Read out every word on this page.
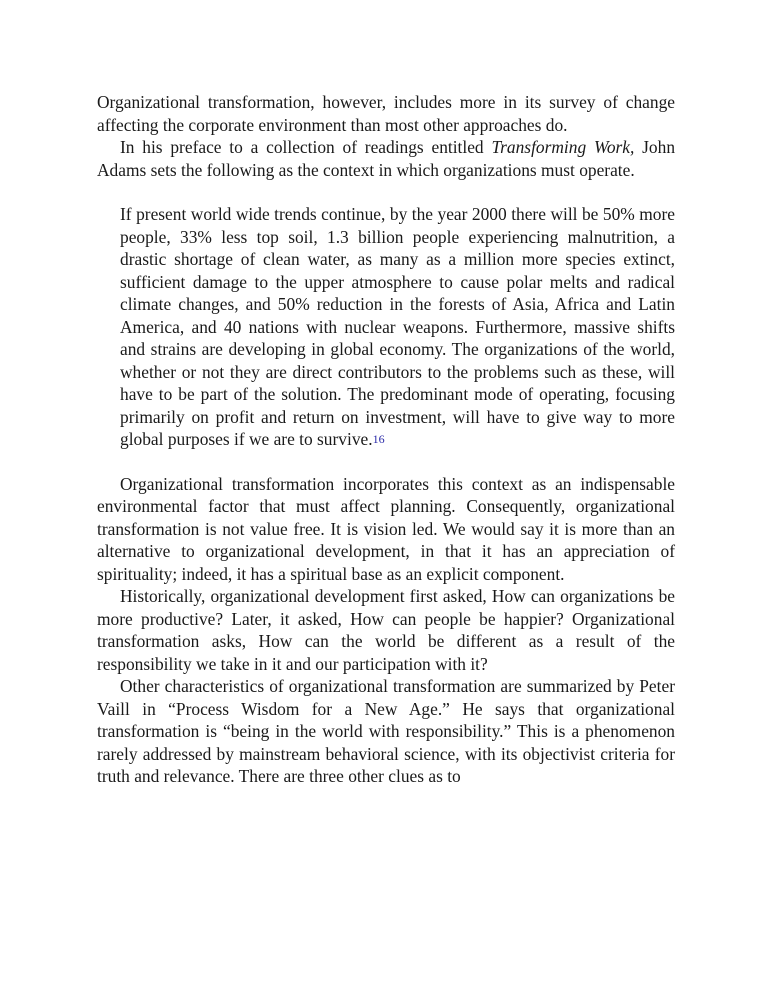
Organizational transformation, however, includes more in its survey of change affecting the corporate environment than most other approaches do.

In his preface to a collection of readings entitled Transforming Work, John Adams sets the following as the context in which organizations must operate.

If present world wide trends continue, by the year 2000 there will be 50% more people, 33% less top soil, 1.3 billion people experiencing malnutrition, a drastic shortage of clean water, as many as a million more species extinct, sufficient damage to the upper atmosphere to cause polar melts and radical climate changes, and 50% reduction in the forests of Asia, Africa and Latin America, and 40 nations with nuclear weapons. Furthermore, massive shifts and strains are developing in global economy. The organizations of the world, whether or not they are direct contributors to the problems such as these, will have to be part of the solution. The predominant mode of operating, focusing primarily on profit and return on investment, will have to give way to more global purposes if we are to survive.16

Organizational transformation incorporates this context as an indispensable environmental factor that must affect planning. Consequently, organizational transformation is not value free. It is vision led. We would say it is more than an alternative to organizational development, in that it has an appreciation of spirituality; indeed, it has a spiritual base as an explicit component.

Historically, organizational development first asked, How can organizations be more productive? Later, it asked, How can people be happier? Organizational transformation asks, How can the world be different as a result of the responsibility we take in it and our participation with it?

Other characteristics of organizational transformation are summarized by Peter Vaill in “Process Wisdom for a New Age.” He says that organizational transformation is “being in the world with responsibility.” This is a phenomenon rarely addressed by mainstream behavioral science, with its objectivist criteria for truth and relevance. There are three other clues as to
